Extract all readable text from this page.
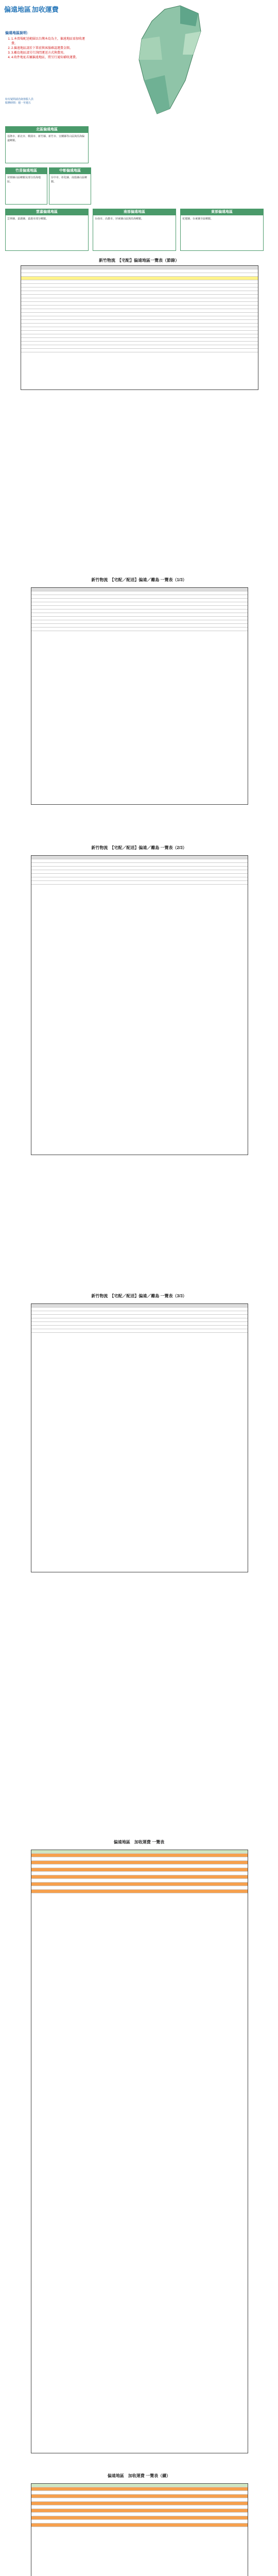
偏遠地區 加收運費
偏遠地區說明：
1. 1.本賣場配送範圍以台灣本島為主，偏遠地區需加收運費。
2. 2.偏遠地區請於下單前與客服確認運費金額。
3. 3.離島地區請另行詢問運送方式與費用。
4. 4.收件地址若屬偏遠地區，將另行通知補收運費。
如有疑問請洽詢客服人員
服務時間：週一至週五
北區偏遠地區
基隆市、新北市、桃園市、新竹縣、新竹市、宜蘭縣等山區與沿海偏遠鄉鎮。
竹苗偏遠地區
苗栗縣山區鄉鎮及部分沿海地區。
中彰偏遠地區
台中市、彰化縣、南投縣山區鄉鎮。
雲嘉偏遠地區
雲林縣、嘉義縣、嘉義市部分鄉鎮。
南部偏遠地區
台南市、高雄市、屏東縣山區與沿海鄉鎮。
東部偏遠地區
花蓮縣、台東縣全區鄉鎮。
新竹物流　【宅配】偏遠地區一覽表（節錄）
新竹物流　【宅配／配送】偏遠／離島 一覽表（1/3）
新竹物流　【宅配／配送】偏遠／離島 一覽表（2/3）
新竹物流　【宅配／配送】偏遠／離島 一覽表（3/3）
偏遠地區　加收運費 一覽表
偏遠地區　加收運費 一覽表（續）
